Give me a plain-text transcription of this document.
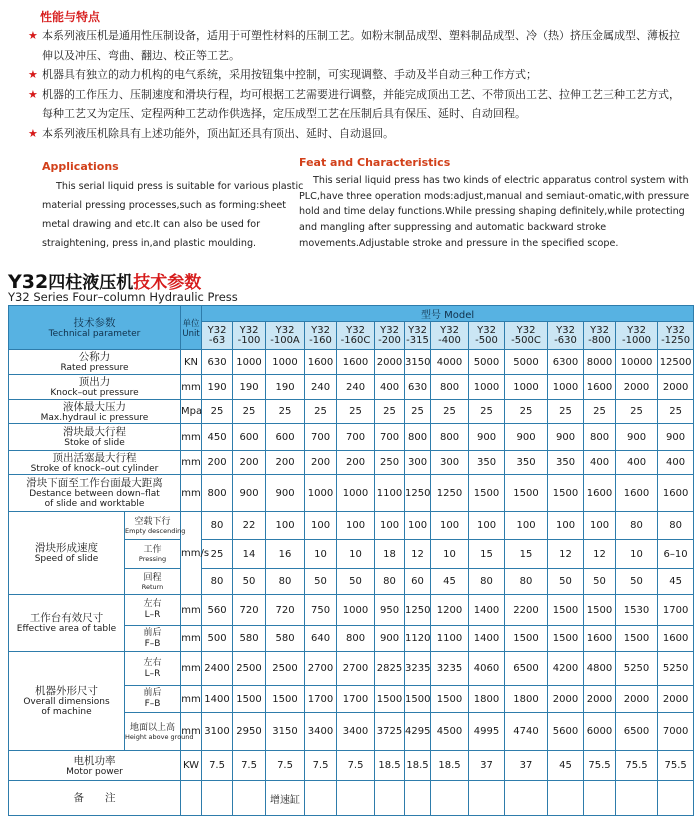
性能与特点
★ 本系列液压机是通用性压制设备，适用于可塑性材料的压制工艺。如粉末制品成型、塑料制品成型、冷（热）挤压金属成型、薄板拉伸以及冲压、弯曲、翻边、校正等工艺。
★ 机器具有独立的动力机构的电气系统，采用按钮集中控制，可实现调整、手动及半自动三种工作方式；
★ 机器的工作压力、压制速度和滑块行程，均可根据工艺需要进行调整，并能完成顶出工艺、不带顶出工艺、拉伸工艺三种工艺方式，每种工艺又为定压、定程两种工艺动作供选择，定压成型工艺在压制后具有保压、延时、自动回程。
★ 本系列液压机除具有上述功能外，顶出缸还具有顶出、延时、自动退回。
Applications
This serial liquid press is suitable for various plastic material pressing processes,such as forming:sheet metal drawing and etc.It can also be used for straightening, press in,and plastic moulding.
Feat and Characteristics
This serial liquid press has two kinds of electric apparatus control system with PLC,have three operation mods:adjust,manual and semiaut-omatic,with pressure hold and time delay functions.While pressing shaping definitely,while protecting and mangling after suppressing and automatic backward stroke movements.Adjustable stroke and pressure in the specified scope.
Y32四柱液压机技术参数
Y32 Series Four–column Hydraulic Press
技术参数
Technical parameter		单位
Unit	型号 Model													
			Y32 -63	Y32 -100	Y32 -100A	Y32 -160	Y32 -160C	Y32 -200	Y32 -315	Y32 -400	Y32 -500	Y32 -500C	Y32 -630	Y32 -800	Y32 -1000	Y32 -1250

公称力
Rated pressure		KN	630	1000	1000	1600	1600	2000	3150	4000	5000	5000	6300	8000	10000	12500

顶出力
Knock–out pressure		mm	190	190	190	240	240	400	630	800	1000	1000	1000	1600	2000	2000

液体最大压力
Max.hydraul ic pressure		Mpa	25	25	25	25	25	25	25	25	25	25	25	25	25	25

滑块最大行程
Stoke of slide		mm	450	600	600	700	700	700	800	800	900	900	900	800	900	900

顶出活塞最大行程
Stroke of knock–out cylinder		mm	200	200	200	200	200	250	300	300	350	350	350	400	400	400

滑块下面至工作台面最大距离
Destance between down–flat
of slide and worktable		mm	800	900	900	1000	1000	1100	1250	1250	1500	1500	1500	1600	1600	1600

滑块形成速度
Speed of slide	空载下行
Empty descending	mm/s	80	22	100	100	100	100	100	100	100	100	100	100	80	80

	工作
Pressing		25	14	16	10	10	18	12	10	15	15	12	12	10	6–10

	回程
Return		80	50	80	50	50	80	60	45	80	80	50	50	50	45

工作台有效尺寸
Effective area of table	左右
L–R	mm	560	720	720	750	1000	950	1250	1200	1400	2200	1500	1500	1530	1700

	前后
F–B	mm	500	580	580	640	800	900	1120	1100	1400	1500	1500	1600	1500	1600

机器外形尺寸
Overall dimensions
of machine	左右
L–R	mm	2400	2500	2500	2700	2700	2825	3235	3235	4060	6500	4200	4800	5250	5250

	前后
F–B	mm	1400	1500	1500	1700	1700	1500	1500	1500	1800	1800	2000	2000	2000	2000

	地面以上高
Height above ground	mm	3100	2950	3150	3400	3400	3725	4295	4500	4995	4740	5600	6000	6500	7000

电机功率
Motor power		KW	7.5	7.5	7.5	7.5	7.5	18.5	18.5	18.5	37	37	45	75.5	75.5	75.5

备　　注					增速缸											
